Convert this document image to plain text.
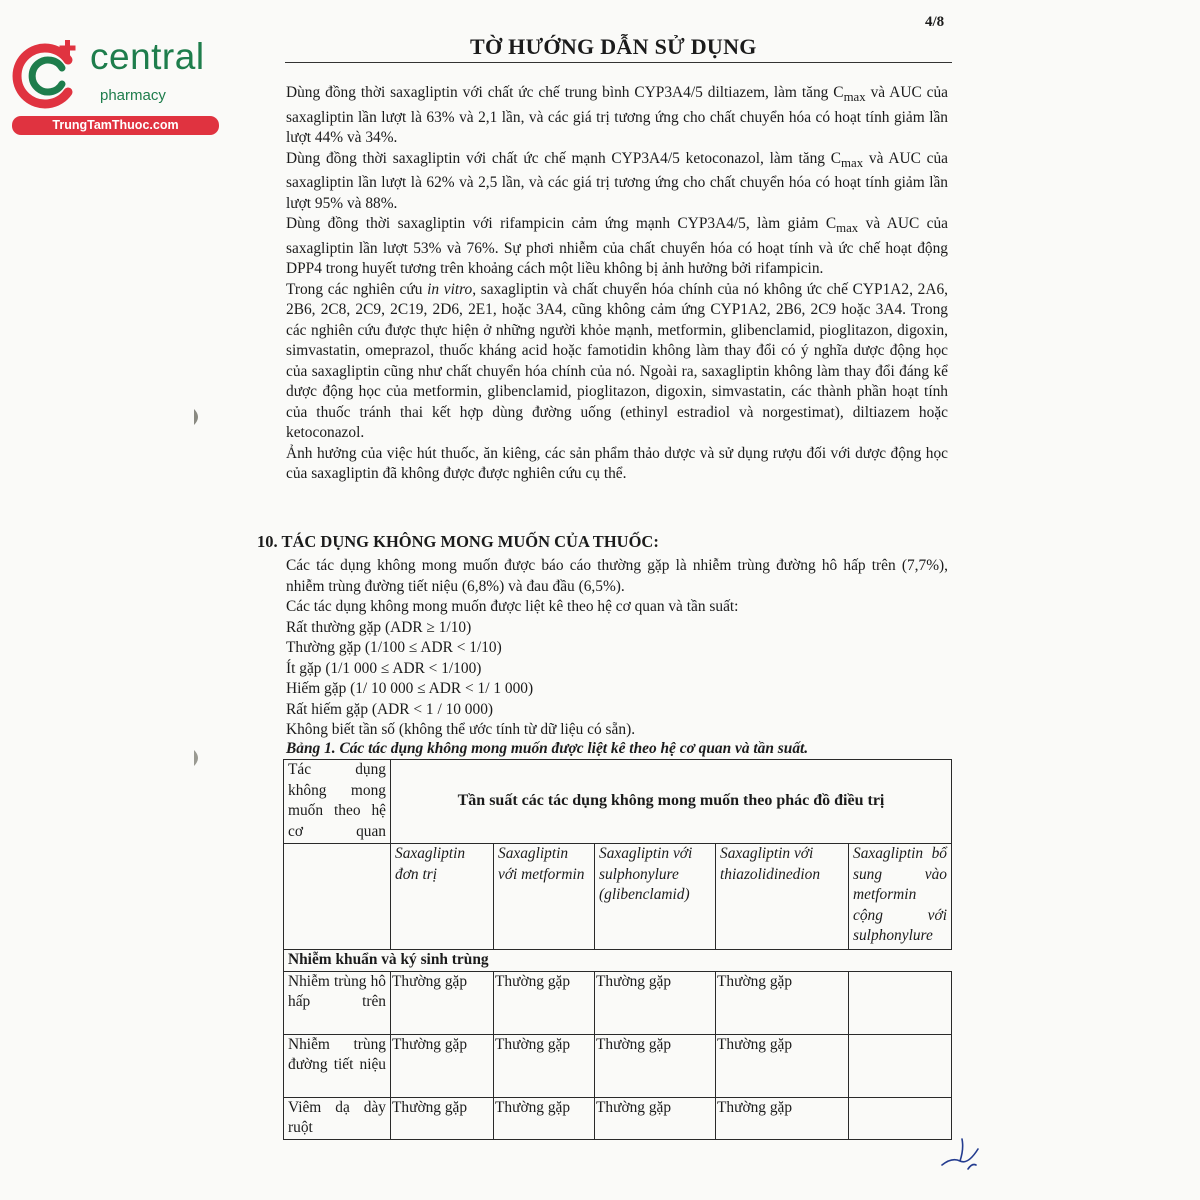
central
pharmacy
TrungTamThuoc.com
4/8
TỜ HƯỚNG DẪN SỬ DỤNG

Dùng đồng thời saxagliptin với chất ức chế trung bình CYP3A4/5 diltiazem, làm tăng $C_{max}$ và AUC của saxagliptin lần lượt là 63% và 2,1 lần, và các giá trị tương ứng cho chất chuyển hóa có hoạt tính giảm lần lượt 44% và 34%.

Dùng đồng thời saxagliptin với chất ức chế mạnh CYP3A4/5 ketoconazol, làm tăng $C_{max}$ và AUC của saxagliptin lần lượt là 62% và 2,5 lần, và các giá trị tương ứng cho chất chuyển hóa có hoạt tính giảm lần lượt 95% và 88%.

Dùng đồng thời saxagliptin với rifampicin cảm ứng mạnh CYP3A4/5, làm giảm $C_{max}$ và AUC của saxagliptin lần lượt 53% và 76%. Sự phơi nhiễm của chất chuyển hóa có hoạt tính và ức chế hoạt động DPP4 trong huyết tương trên khoảng cách một liều không bị ảnh hưởng bởi rifampicin.

Trong các nghiên cứu in vitro, saxagliptin và chất chuyển hóa chính của nó không ức chế CYP1A2, 2A6, 2B6, 2C8, 2C9, 2C19, 2D6, 2E1, hoặc 3A4, cũng không cảm ứng CYP1A2, 2B6, 2C9 hoặc 3A4. Trong các nghiên cứu được thực hiện ở những người khỏe mạnh, metformin, glibenclamid, pioglitazon, digoxin, simvastatin, omeprazol, thuốc kháng acid hoặc famotidin không làm thay đổi có ý nghĩa dược động học của saxagliptin cũng như chất chuyển hóa chính của nó. Ngoài ra, saxagliptin không làm thay đổi đáng kể dược động học của metformin, glibenclamid, pioglitazon, digoxin, simvastatin, các thành phần hoạt tính của thuốc tránh thai kết hợp dùng đường uống (ethinyl estradiol và norgestimat), diltiazem hoặc ketoconazol.

Ảnh hưởng của việc hút thuốc, ăn kiêng, các sản phẩm thảo dược và sử dụng rượu đối với dược động học của saxagliptin đã không được được nghiên cứu cụ thể.

10. TÁC DỤNG KHÔNG MONG MUỐN CỦA THUỐC:

Các tác dụng không mong muốn được báo cáo thường gặp là nhiễm trùng đường hô hấp trên (7,7%), nhiễm trùng đường tiết niệu (6,8%) và đau đầu (6,5%).

Các tác dụng không mong muốn được liệt kê theo hệ cơ quan và tần suất:

Rất thường gặp (ADR ≥ 1/10)

Thường gặp (1/100 ≤ ADR < 1/10)

Ít gặp (1/1 000 ≤ ADR < 1/100)

Hiếm gặp (1/ 10 000 ≤ ADR < 1/ 1 000)

Rất hiếm gặp (ADR < 1 / 10 000)

Không biết tần số (không thể ước tính từ dữ liệu có sẵn).

Bảng 1. Các tác dụng không mong muốn được liệt kê theo hệ cơ quan và tần suất.
Tác dụng không mong muốn theo hệ cơ quan	Tần suất các tác dụng không mong muốn theo phác đồ điều trị				
	Saxagliptin đơn trị	Saxagliptin với metformin	Saxagliptin với sulphonylure (glibenclamid)	Saxagliptin với thiazolidinedion	Saxagliptin bổ sung vào metformin cộng với sulphonylure
Nhiễm khuẩn và ký sinh trùng					
Nhiễm trùng hô hấp trên	Thường gặp	Thường gặp	Thường gặp	Thường gặp	
Nhiễm trùng đường tiết niệu	Thường gặp	Thường gặp	Thường gặp	Thường gặp	
Viêm dạ dày ruột	Thường gặp	Thường gặp	Thường gặp	Thường gặp	
